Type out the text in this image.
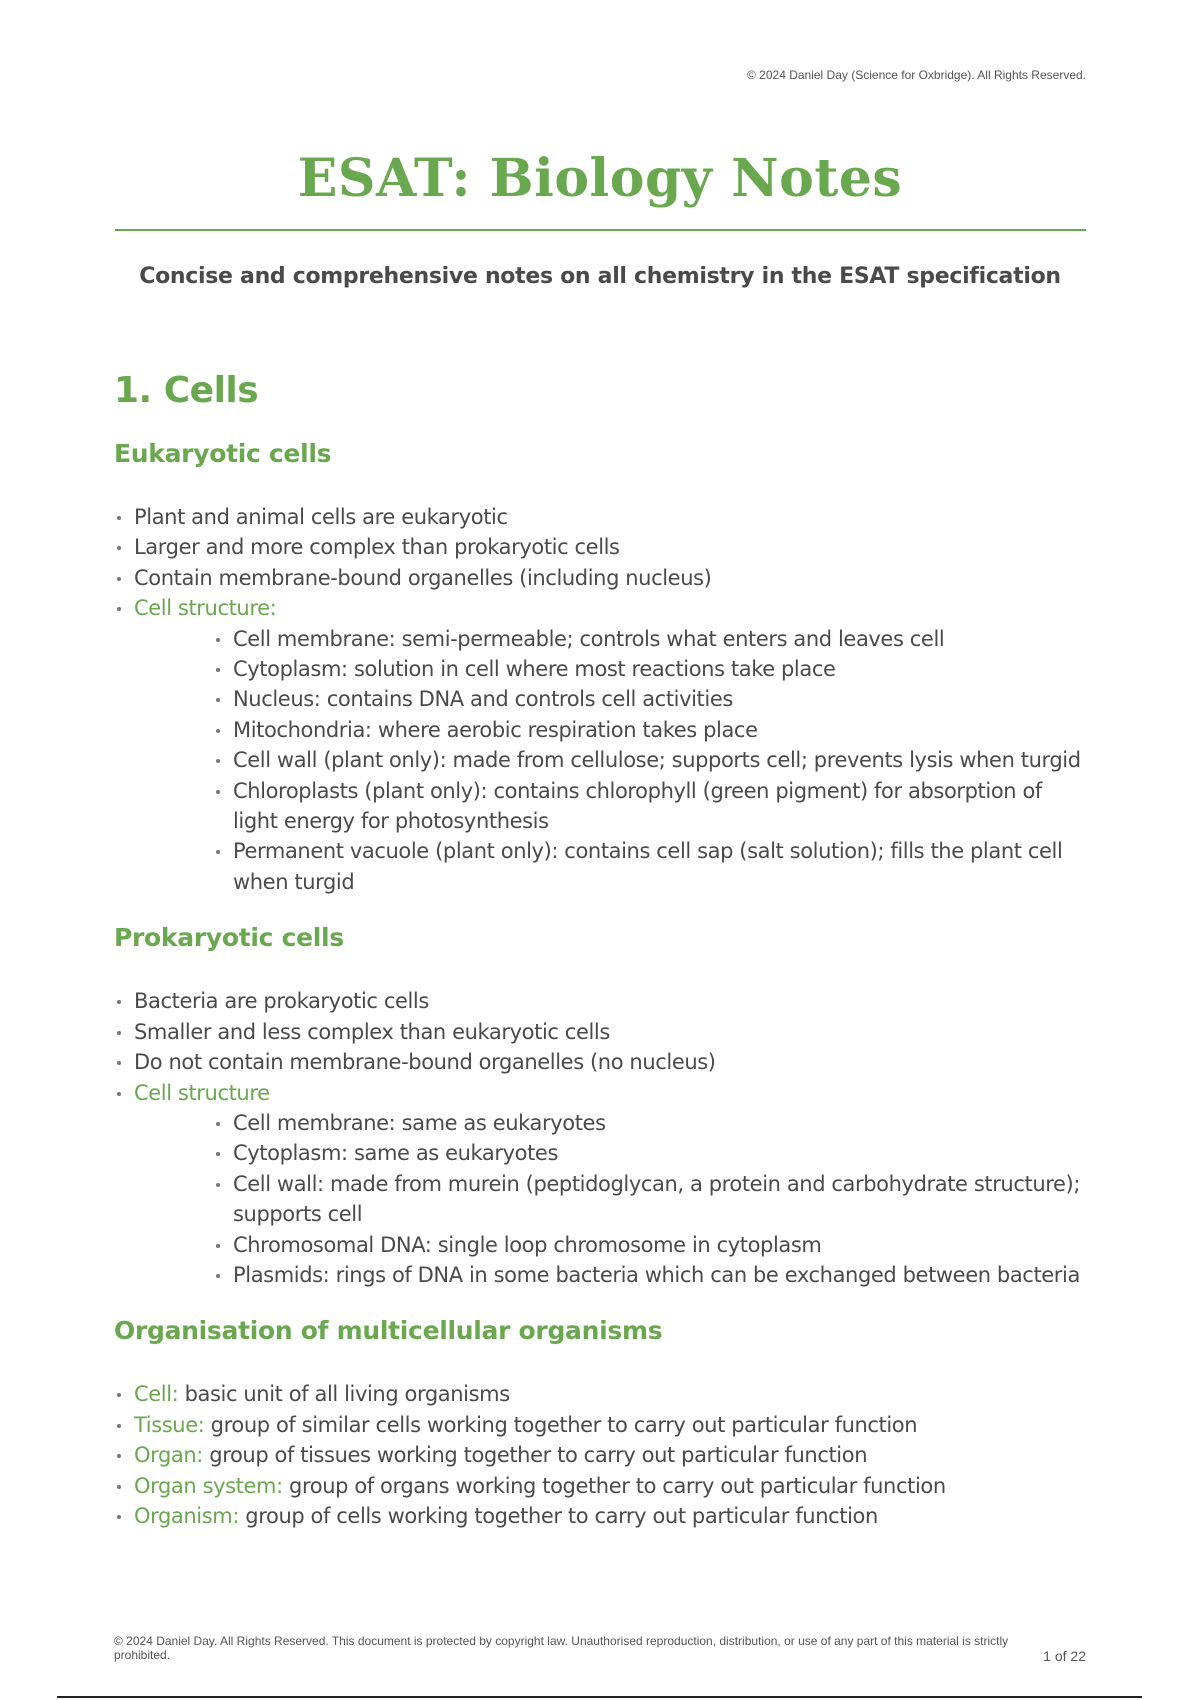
© 2024 Daniel Day (Science for Oxbridge). All Rights Reserved.
ESAT: Biology Notes

Concise and comprehensive notes on all chemistry in the ESAT specification

1. Cells
Eukaryotic cells
Plant and animal cells are eukaryotic
Larger and more complex than prokaryotic cells
Contain membrane-bound organelles (including nucleus)
Cell structure:
Cell membrane: semi-permeable; controls what enters and leaves cell
Cytoplasm: solution in cell where most reactions take place
Nucleus: contains DNA and controls cell activities
Mitochondria: where aerobic respiration takes place
Cell wall (plant only): made from cellulose; supports cell; prevents lysis when turgid
Chloroplasts (plant only): contains chlorophyll (green pigment) for absorption of light energy for photosynthesis
Permanent vacuole (plant only): contains cell sap (salt solution); fills the plant cell when turgid
Prokaryotic cells
Bacteria are prokaryotic cells
Smaller and less complex than eukaryotic cells
Do not contain membrane-bound organelles (no nucleus)
Cell structure
Cell membrane: same as eukaryotes
Cytoplasm: same as eukaryotes
Cell wall: made from murein (peptidoglycan, a protein and carbohydrate structure); supports cell
Chromosomal DNA: single loop chromosome in cytoplasm
Plasmids: rings of DNA in some bacteria which can be exchanged between bacteria
Organisation of multicellular organisms
Cell: basic unit of all living organisms
Tissue: group of similar cells working together to carry out particular function
Organ: group of tissues working together to carry out particular function
Organ system: group of organs working together to carry out particular function
Organism: group of cells working together to carry out particular function
© 2024 Daniel Day. All Rights Reserved. This document is protected by copyright law. Unauthorised reproduction, distribution, or use of any part of this material is strictly prohibited.	1 of 22
